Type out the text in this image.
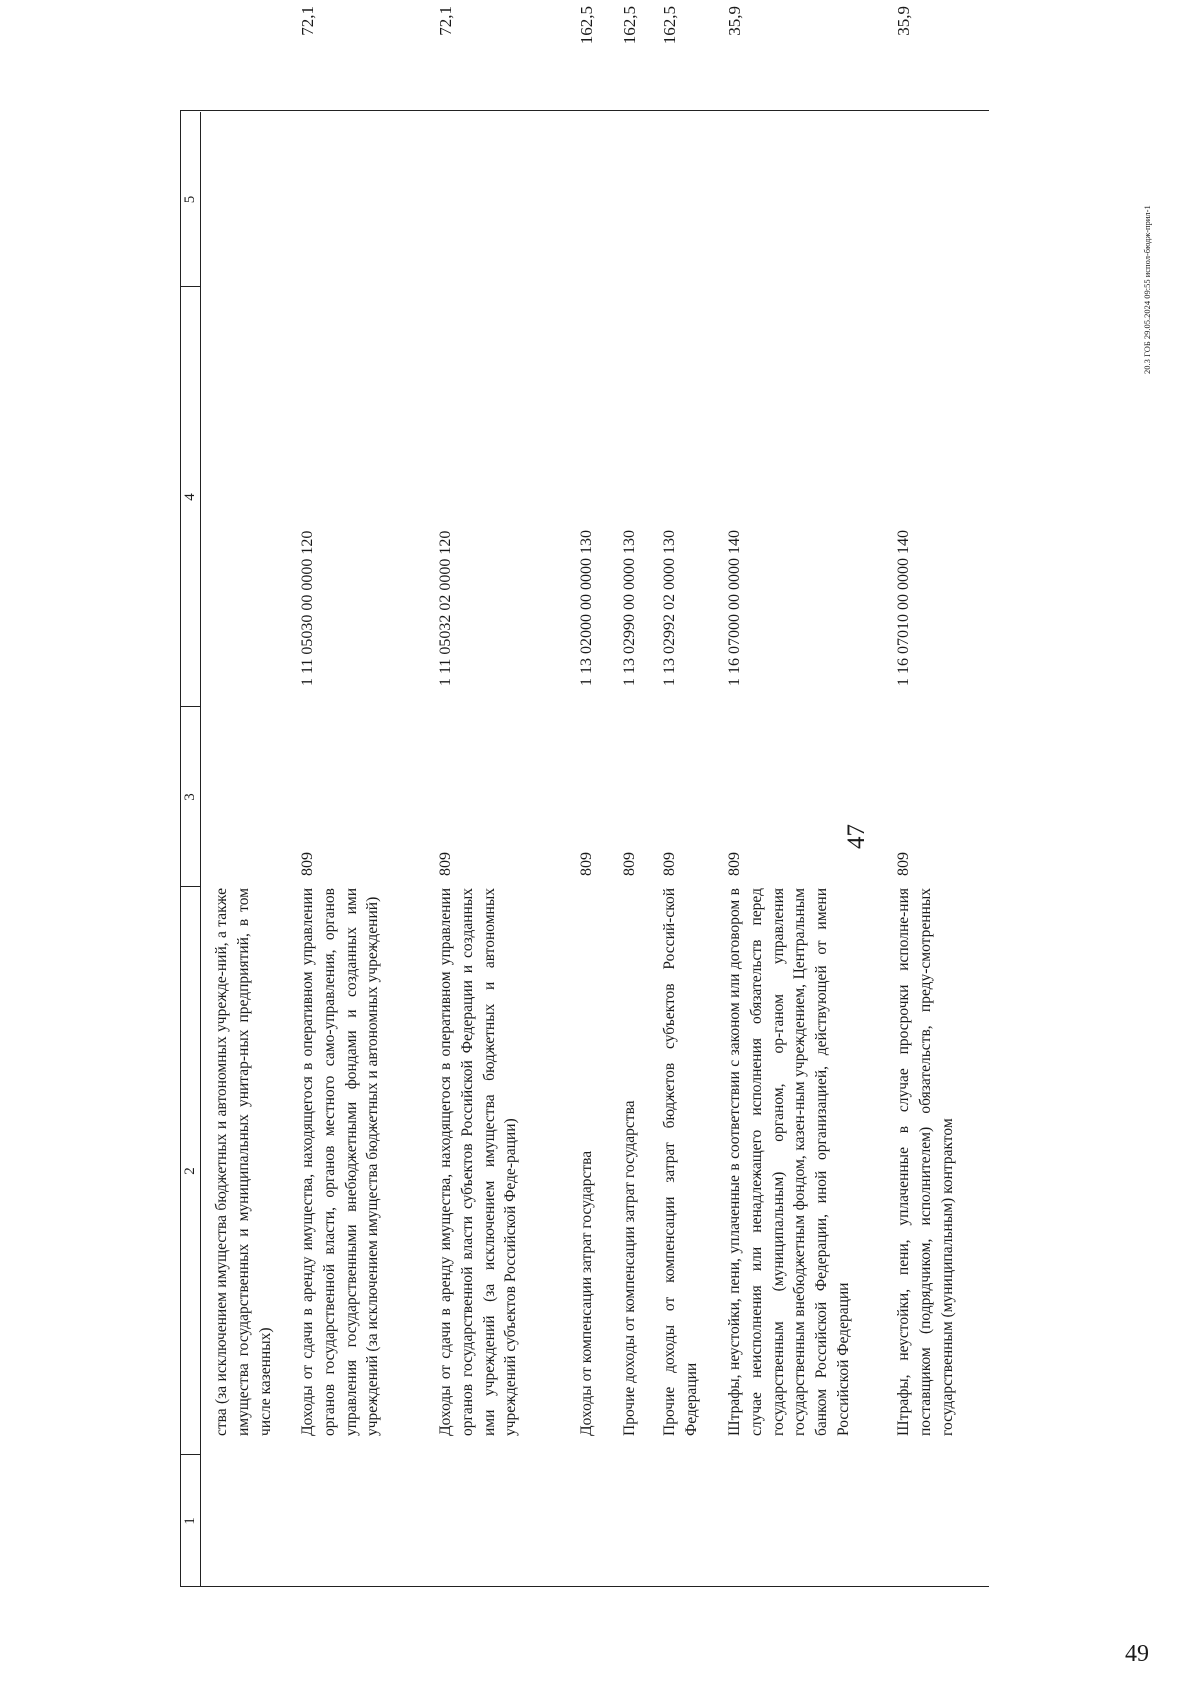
47
ства (за исключением имущества бюджетных и автономных учрежде-ний, а также имущества государственных и муниципальных унитар-ных предприятий, в том числе казенных) Доходы от сдачи в аренду имущества, находящегося в оперативном управлении органов государственной власти, органов местного само-управления, органов управления государственными внебюджетными фондами и созданных ими учреждений (за исключением имущества бюджетных и автономных учреждений)
809
1 11 05030 00 0000 120
72,1
Доходы от сдачи в аренду имущества, находящегося в оперативном управлении органов государственной власти субъектов Российской Федерации и созданных ими учреждений (за исключением имущества бюджетных и автономных учреждений субъектов Российской Феде-рации)
809
1 11 05032 02 0000 120
72,1
Доходы от компенсации затрат государства
809
1 13 02000 00 0000 130
162,5
Прочие доходы от компенсации затрат государства
809
1 13 02990 00 0000 130
162,5
Прочие доходы от компенсации затрат бюджетов субъектов Россий-ской Федерации
809
1 13 02992 02 0000 130
162,5
Штрафы, неустойки, пени, уплаченные в соответствии с законом или договором в случае неисполнения или ненадлежащего исполнения обязательств перед государственным (муниципальным) органом, ор-ганом управления государственным внебюджетным фондом, казен-ным учреждением, Центральным банком Российской Федерации, иной организацией, действующей от имени Российской Федерации
809
1 16 07000 00 0000 140
35,9
Штрафы, неустойки, пени, уплаченные в случае просрочки исполне-ния поставщиком (подрядчиком, исполнителем) обязательств, преду-смотренных государственным (муниципальным) контрактом
809
1 16 07010 00 0000 140
35,9
1
2
3
4
5
20.3 ГОБ 29.05.2024 09:55 испол-бюдж-прил-1
49
